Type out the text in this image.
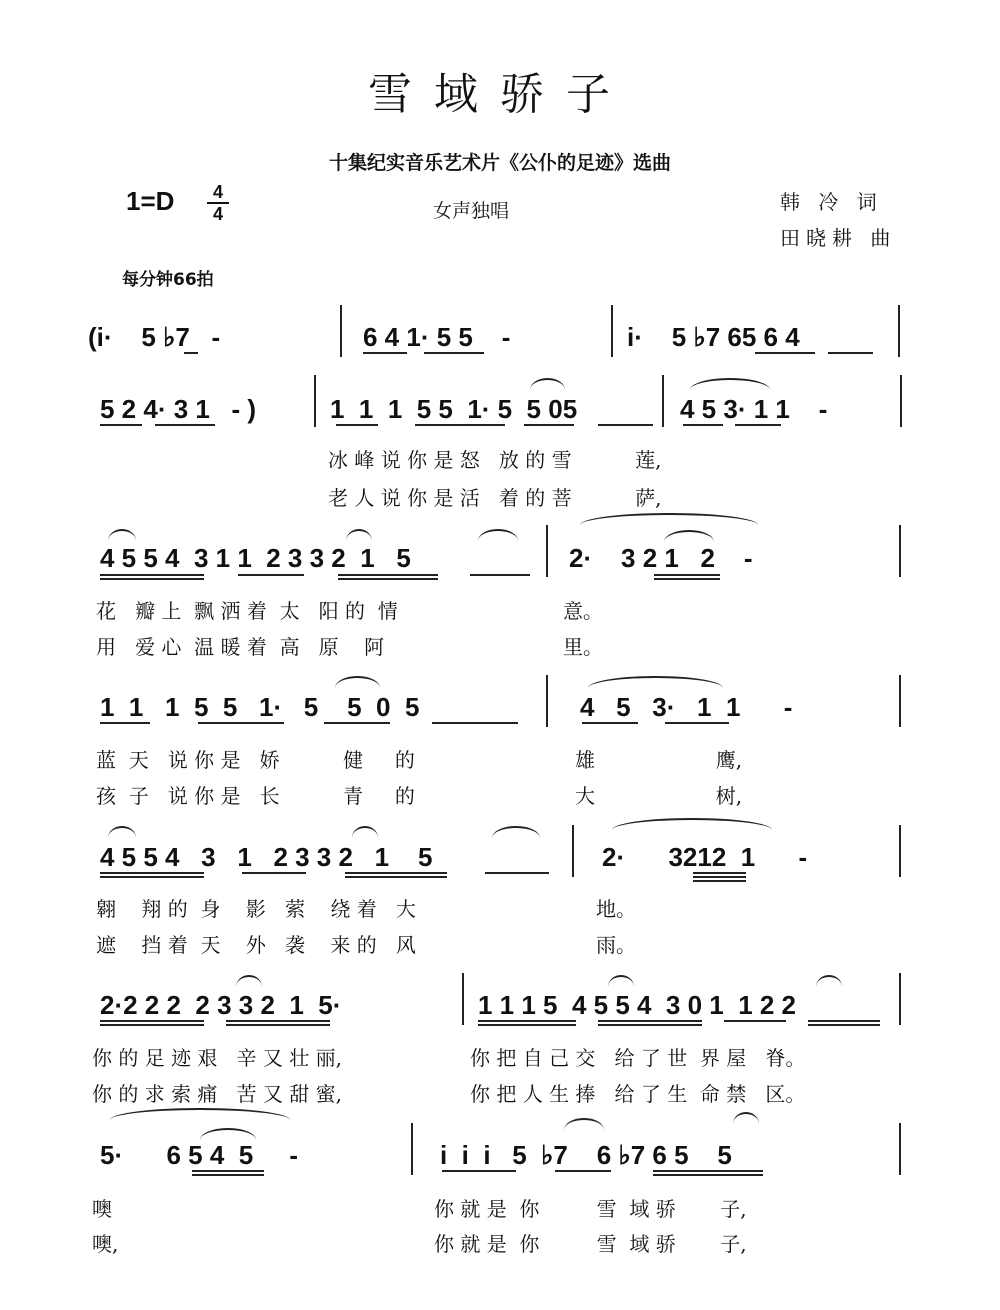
雪域骄子
十集纪实音乐艺术片《公仆的足迹》选曲
1=D	4
4	女声独唱	韩 冷 词
田晓耕 曲
每分钟66拍
(i·    5 ♭7   -	6 4 1· 5 5    -	i·    5 ♭7 65 6 4
5 2 4· 3 1   - )	1  1  1  5 5  1· 5  5 05	4 5 3· 1 1    -
冰 峰 说 你 是 怒   放 的 雪          莲,
老 人 说 你 是 活   着 的 菩          萨,
4 5 5 4  3 1 1  2 3 3 2  1   5	2·    3 2 1   2    -
花   瓣 上  飘 洒 着  太   阳 的  情
用   爱 心  温 暖 着  高   原    阿
意。
里。
1  1   1  5  5   1·   5    5  0  5	4   5   3·   1  1      -
蓝  天   说 你 是   娇          健     的
孩  子   说 你 是   长          青     的
雄                   鹰,
大                   树,
4 5 5 4   3   1   2 3 3 2   1    5	2·      3212  1      -
翱    翔 的  身    影   萦    绕 着   大
遮    挡 着  天    外   袭    来 的   风
地。
雨。
2·2 2 2  2 3 3 2  1  5·	1 1 1 5  4 5 5 4  3 0 1  1 2 2
你 的 足 迹 艰   辛 又 壮 丽,
你 的 求 索 痛   苦 又 甜 蜜,
你 把 自 己 交   给 了 世  界 屋   脊。
你 把 人 生 捧   给 了 生  命 禁   区。
5·      6 5 4  5     -	i  i  i   5  ♭7    6 ♭7 6 5    5
噢
噢,
你 就 是  你         雪  域 骄       子,
你 就 是  你         雪  域 骄       子,
